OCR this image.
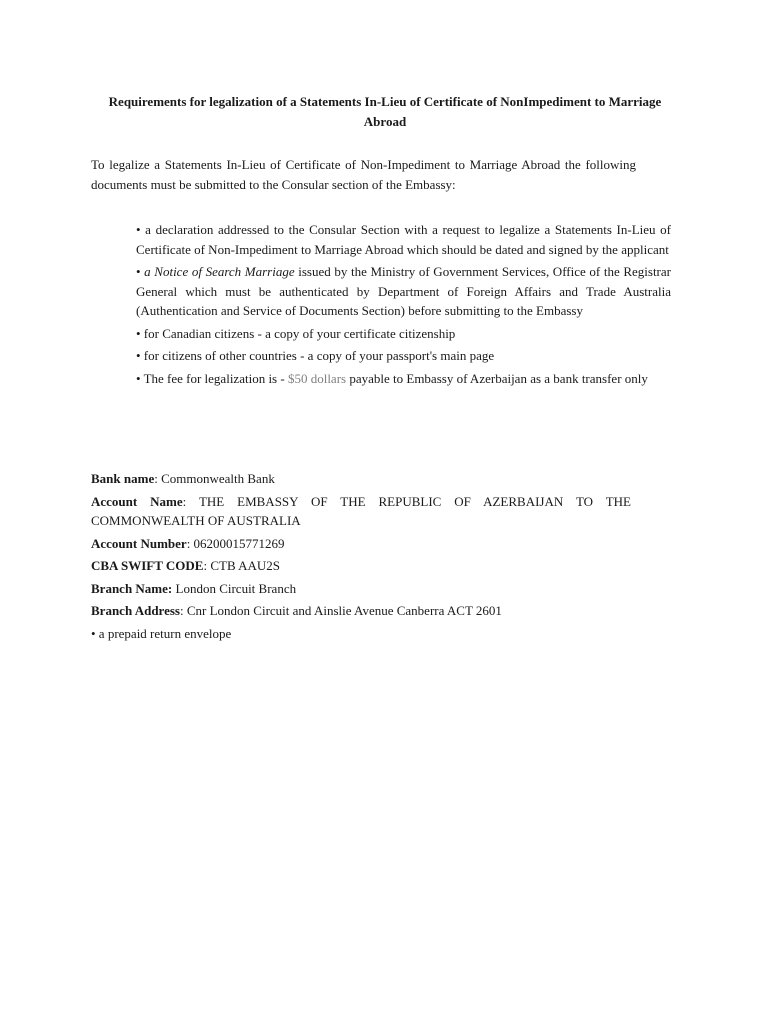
Requirements for legalization of a Statements In-Lieu of Certificate of NonImpediment to Marriage Abroad
To legalize a Statements In-Lieu of Certificate of Non-Impediment to Marriage Abroad the following documents must be submitted to the Consular section of the Embassy:
• a declaration addressed to the Consular Section with a request to legalize a Statements In-Lieu of Certificate of Non-Impediment to Marriage Abroad which should be dated and signed by the applicant
• a Notice of Search Marriage issued by the Ministry of Government Services, Office of the Registrar General which must be authenticated by Department of Foreign Affairs and Trade Australia (Authentication and Service of Documents Section) before submitting to the Embassy
• for Canadian citizens - a copy of your certificate citizenship
• for citizens of other countries - a copy of your passport's main page
• The fee for legalization is - $50 dollars payable to Embassy of Azerbaijan as a bank transfer only
Bank name: Commonwealth Bank
Account Name: THE EMBASSY OF THE REPUBLIC OF AZERBAIJAN TO THE COMMONWEALTH OF AUSTRALIA
Account Number: 06200015771269
CBA SWIFT CODE: CTB AAU2S
Branch Name: London Circuit Branch
Branch Address: Cnr London Circuit and Ainslie Avenue Canberra ACT 2601
• a prepaid return envelope
